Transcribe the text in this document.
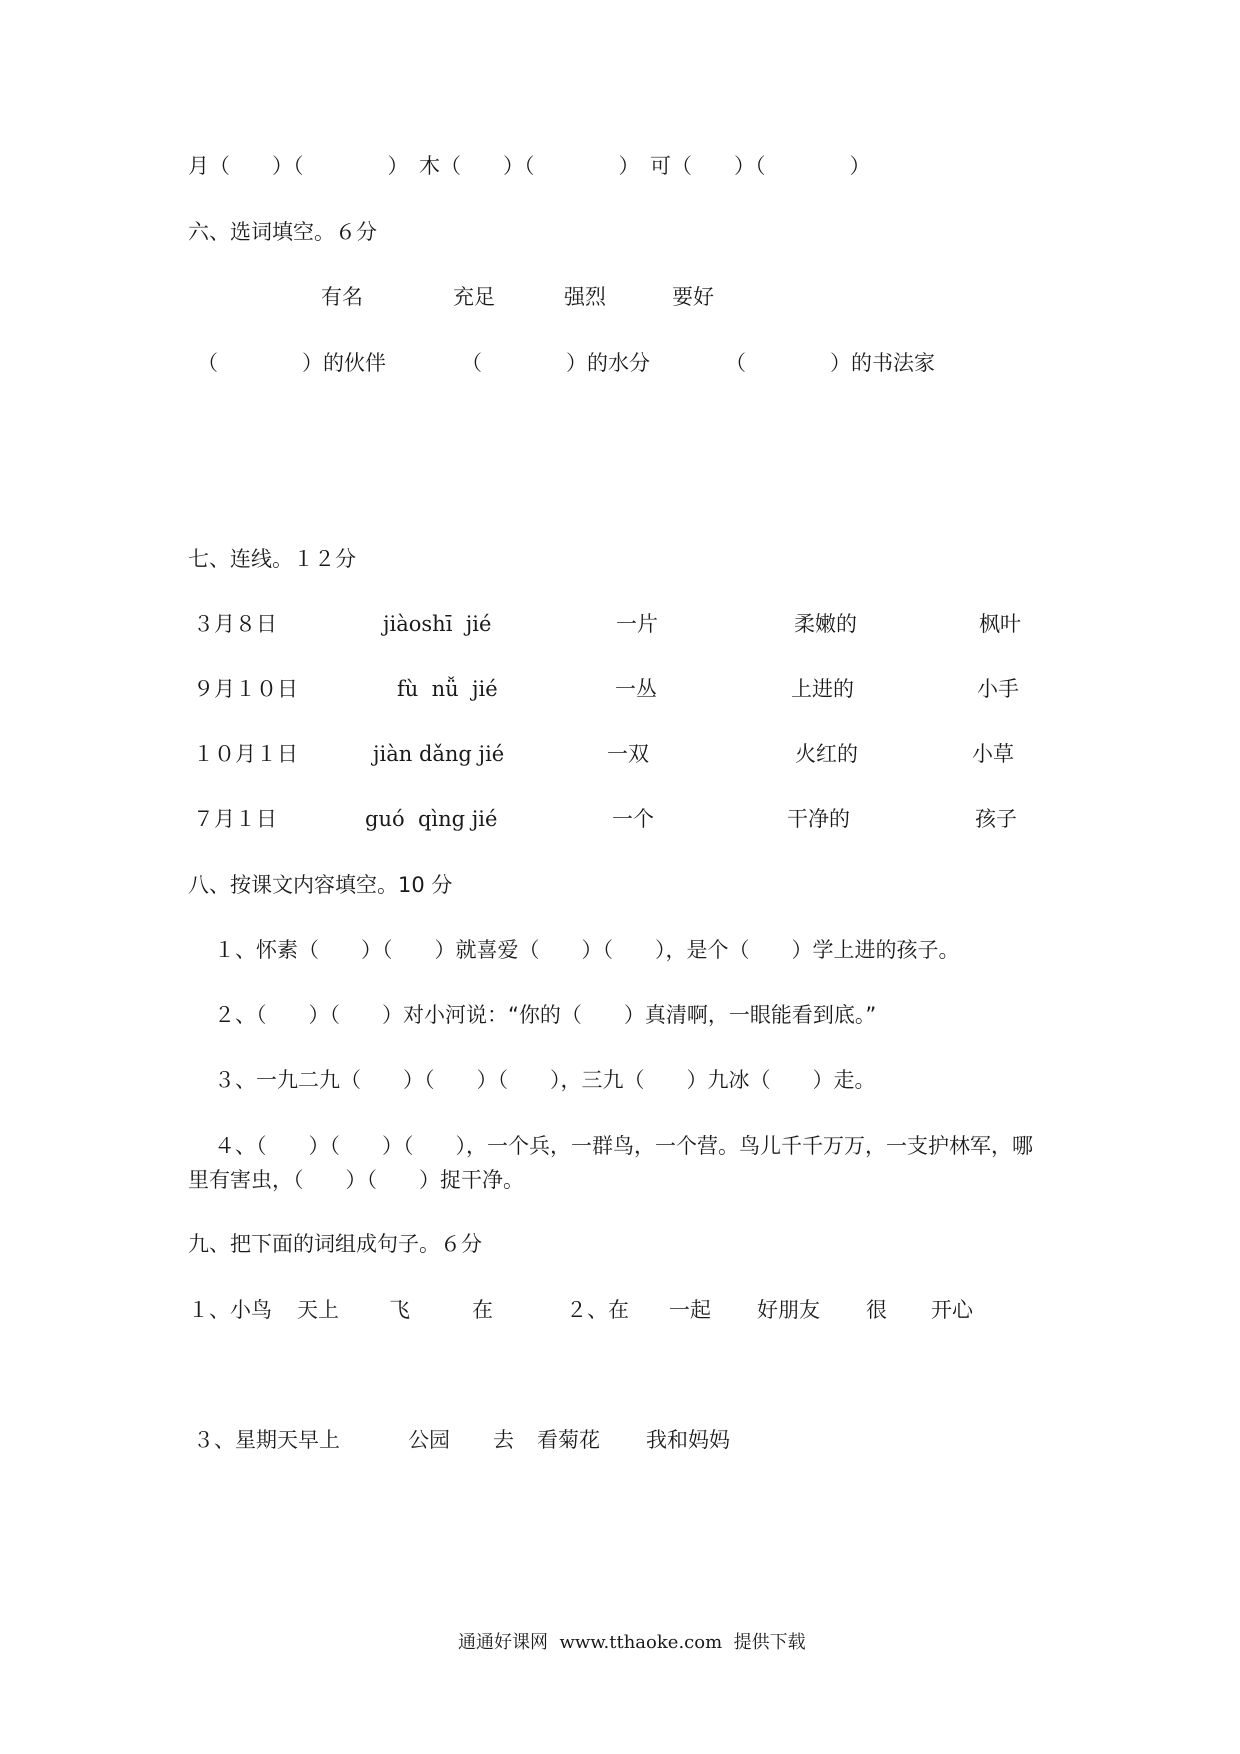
月（　　）（　　　　）　木（　　）（　　　　）　可（　　）（　　　　）
六、选词填空。６分
有名	充足	强烈	要好
（　　　　）的伙伴	（　　　　）的水分	（　　　　）的书法家
七、连线。１２分
３月８日	jiàoshī  jié	一片	柔嫩的	枫叶
９月１０日	fù  nǚ  jié	一丛	上进的	小手
１０月１日	jiàn dǎng jié	一双	火红的	小草
７月１日	guó  qìng jié	一个	干净的	孩子
八、按课文内容填空。10 分
１、怀素（　　）（　　）就喜爱（　　）（　　），是个（　　）学上进的孩子。
２、（　　）（　　）对小河说：“你的（　　）真清啊，一眼能看到底。”
３、一九二九（　　）（　　）（　　），三九（　　）九冰（　　）走。
４、（　　）（　　）（　　），一个兵，一群鸟，一个营。鸟儿千千万万，一支护林军，哪
里有害虫，（　　）（　　）捉干净。
九、把下面的词组成句子。６分
１、小鸟 天上 飞	在	２、在 一起 好朋友 很 开心
３、星期天早上	公园 去 看菊花 我和妈妈
通通好课网  www.tthaoke.com  提供下载
